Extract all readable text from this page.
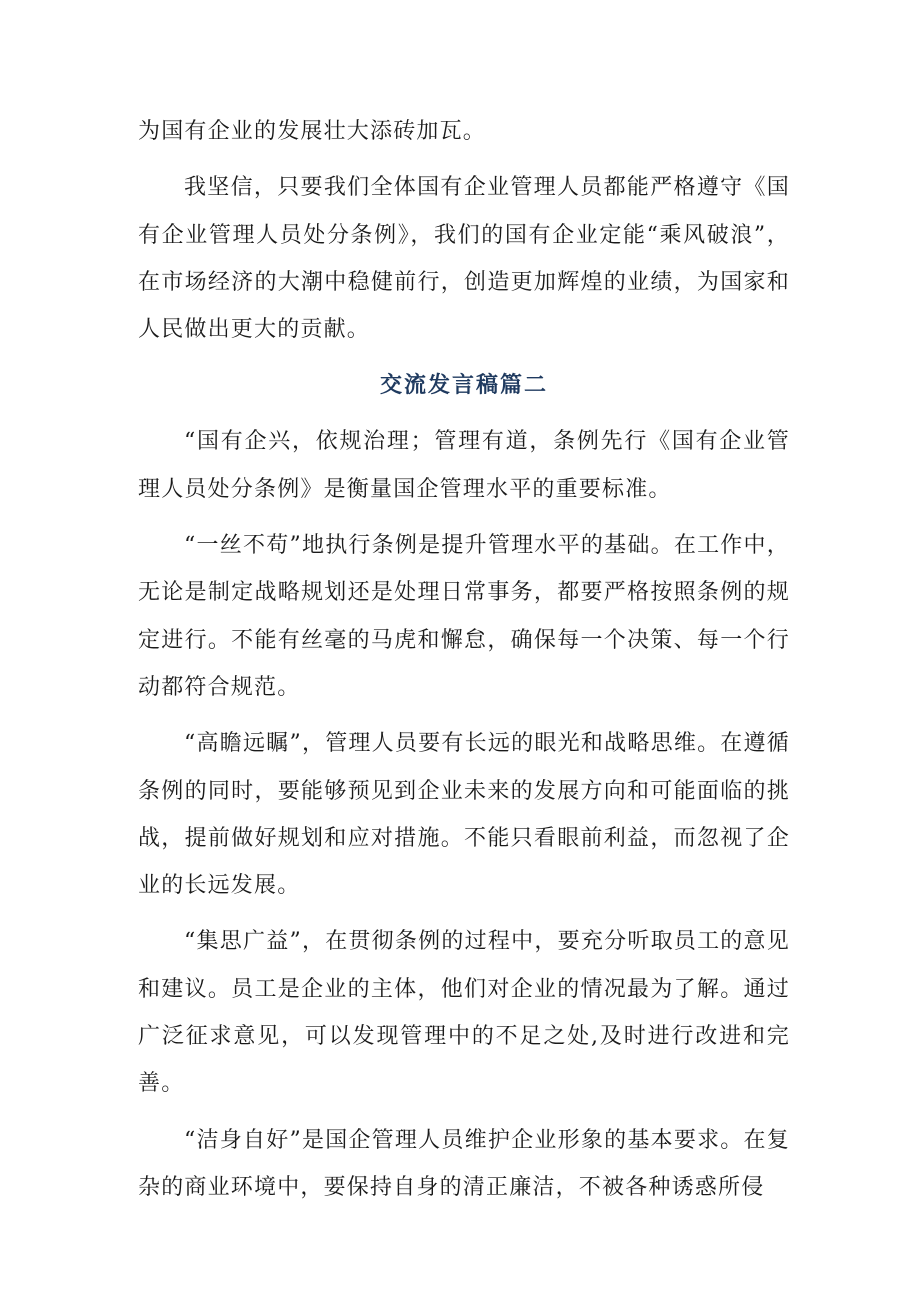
为国有企业的发展壮大添砖加瓦。

我坚信，只要我们全体国有企业管理人员都能严格遵守《国有企业管理人员处分条例》，我们的国有企业定能“乘风破浪”，在市场经济的大潮中稳健前行，创造更加辉煌的业绩，为国家和人民做出更大的贡献。

交流发言稿篇二

“国有企兴，依规治理；管理有道，条例先行《国有企业管理人员处分条例》是衡量国企管理水平的重要标准。

“一丝不苟”地执行条例是提升管理水平的基础。在工作中，无论是制定战略规划还是处理日常事务，都要严格按照条例的规定进行。不能有丝毫的马虎和懈怠，确保每一个决策、每一个行动都符合规范。

“高瞻远瞩”，管理人员要有长远的眼光和战略思维。在遵循条例的同时，要能够预见到企业未来的发展方向和可能面临的挑战，提前做好规划和应对措施。不能只看眼前利益，而忽视了企业的长远发展。

“集思广益”，在贯彻条例的过程中，要充分听取员工的意见和建议。员工是企业的主体，他们对企业的情况最为了解。通过广泛征求意见，可以发现管理中的不足之处,及时进行改进和完善。

“洁身自好”是国企管理人员维护企业形象的基本要求。在复杂的商业环境中，要保持自身的清正廉洁，不被各种诱惑所侵
